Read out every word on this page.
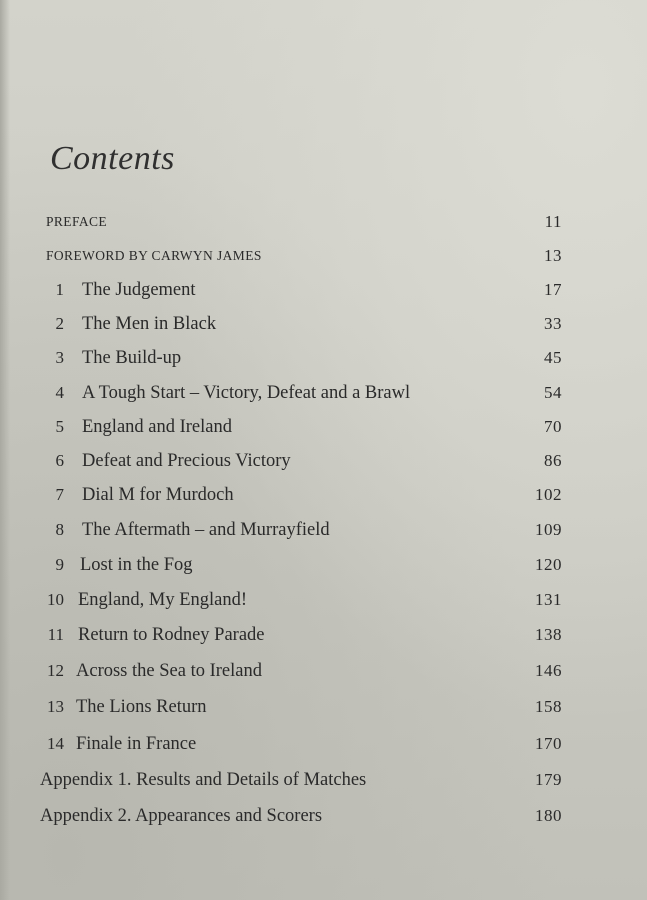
Contents
PREFACE	11
FOREWORD BY CARWYN JAMES	13
1 The Judgement	17
2 The Men in Black	33
3 The Build-up	45
4 A Tough Start – Victory, Defeat and a Brawl	54
5 England and Ireland	70
6 Defeat and Precious Victory	86
7 Dial M for Murdoch	102
8 The Aftermath – and Murrayfield	109
9 Lost in the Fog	120
10 England, My England!	131
11 Return to Rodney Parade	138
12 Across the Sea to Ireland	146
13 The Lions Return	158
14 Finale in France	170
Appendix 1. Results and Details of Matches	179
Appendix 2. Appearances and Scorers	180
